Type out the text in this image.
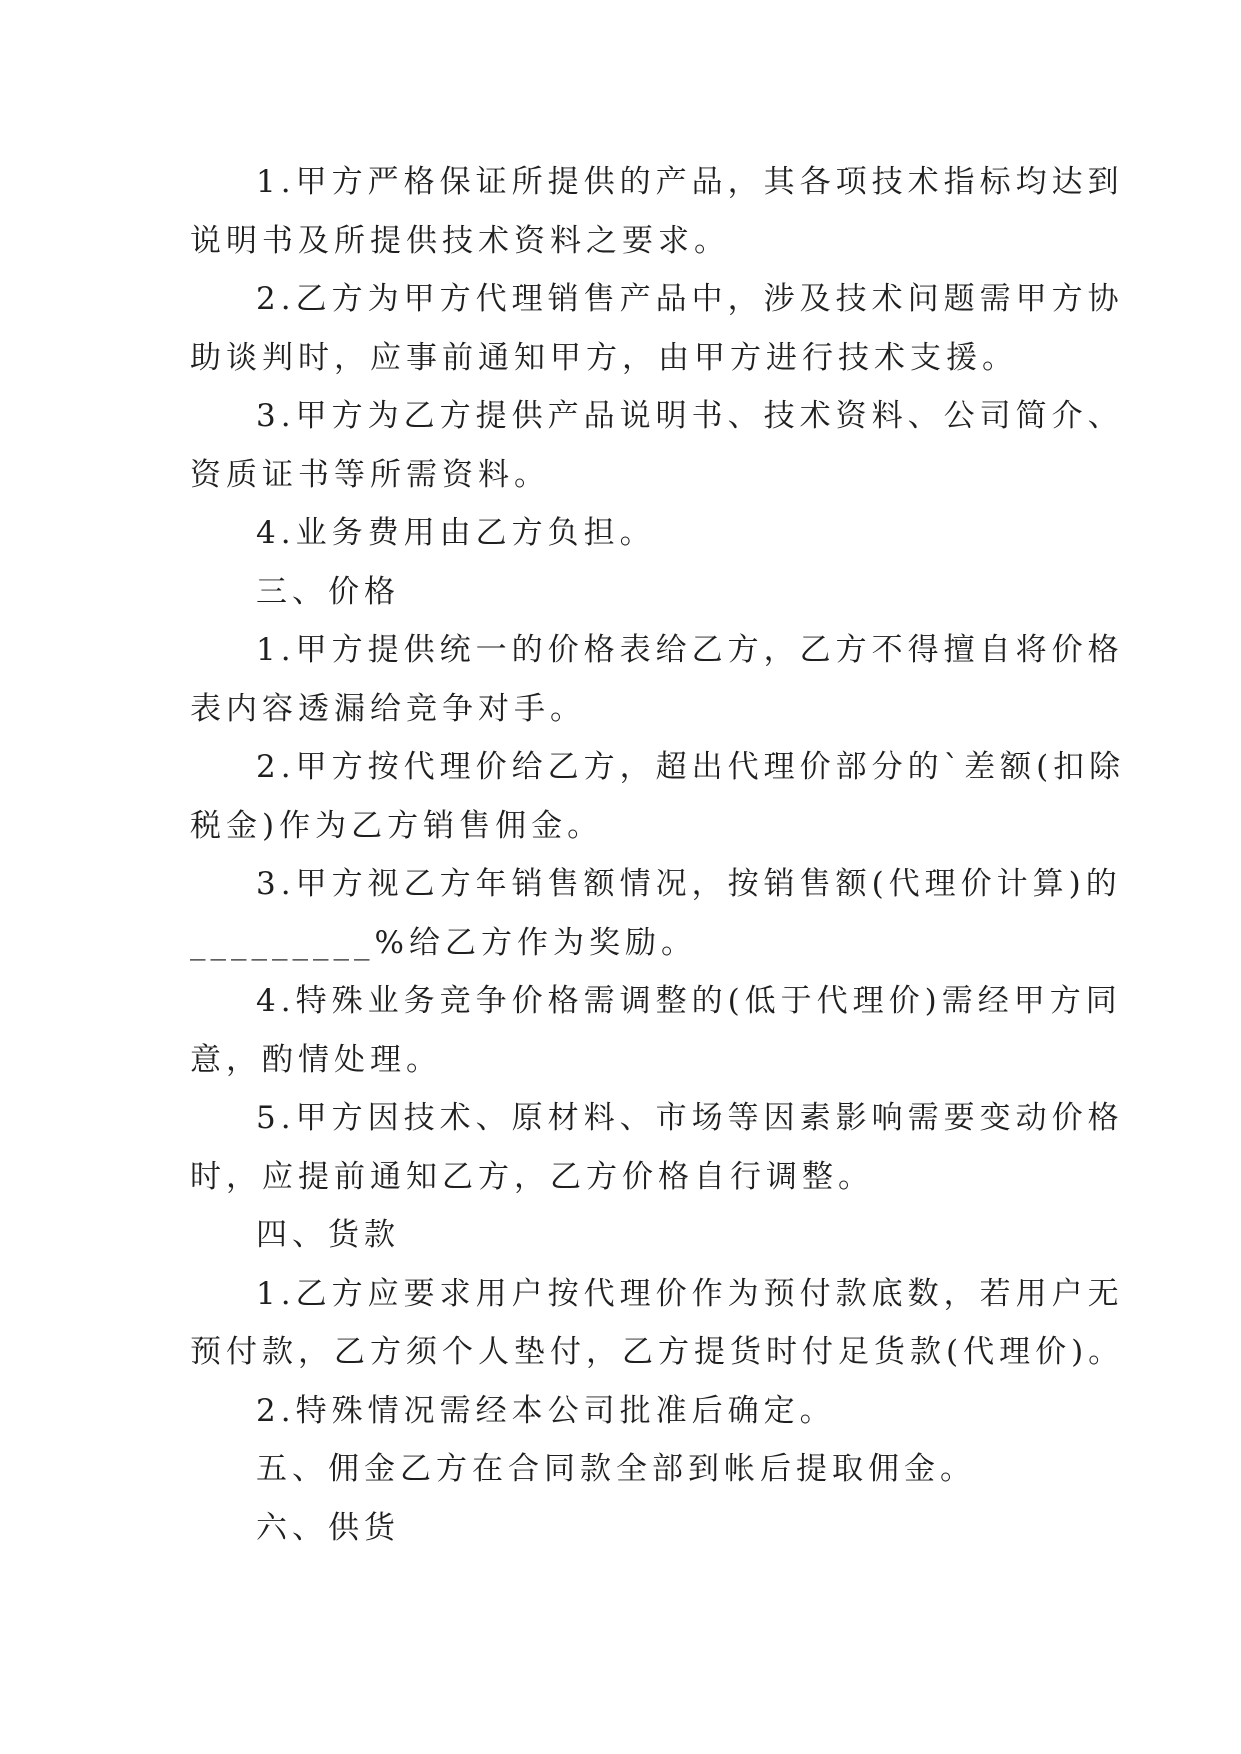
1.甲方严格保证所提供的产品，其各项技术指标均达到
说明书及所提供技术资料之要求。
2.乙方为甲方代理销售产品中，涉及技术问题需甲方协
助谈判时，应事前通知甲方，由甲方进行技术支援。
3.甲方为乙方提供产品说明书、技术资料、公司简介、
资质证书等所需资料。
4.业务费用由乙方负担。
三、价格
1.甲方提供统一的价格表给乙方，乙方不得擅自将价格
表内容透漏给竞争对手。
2.甲方按代理价给乙方，超出代理价部分的`差额(扣除
税金)作为乙方销售佣金。
3.甲方视乙方年销售额情况，按销售额(代理价计算)的
_________%给乙方作为奖励。
4.特殊业务竞争价格需调整的(低于代理价)需经甲方同
意，酌情处理。
5.甲方因技术、原材料、市场等因素影响需要变动价格
时，应提前通知乙方，乙方价格自行调整。
四、货款
1.乙方应要求用户按代理价作为预付款底数，若用户无
预付款，乙方须个人垫付，乙方提货时付足货款(代理价)。
2.特殊情况需经本公司批准后确定。
五、佣金乙方在合同款全部到帐后提取佣金。
六、供货
